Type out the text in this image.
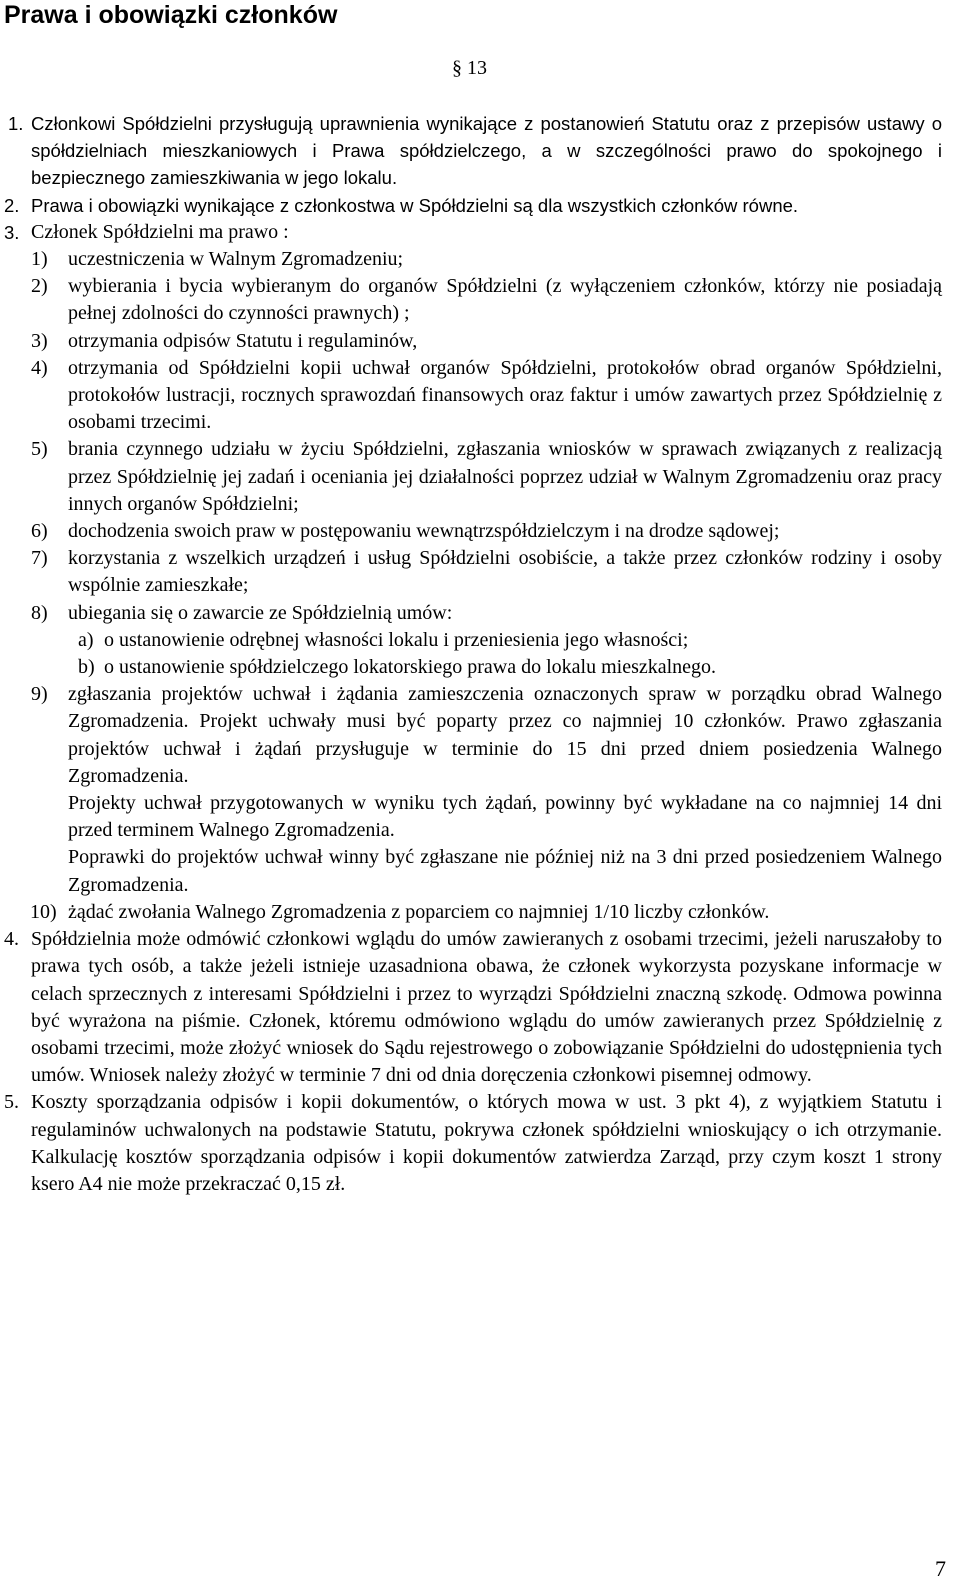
Prawa i obowiązki członków
§ 13
1. Członkowi Spółdzielni przysługują uprawnienia wynikające z postanowień Statutu oraz z przepisów ustawy o spółdzielniach mieszkaniowych i Prawa spółdzielczego, a w szczególności prawo do spokojnego i bezpiecznego zamieszkiwania w jego lokalu.
2. Prawa i obowiązki wynikające z członkostwa w Spółdzielni są dla wszystkich członków równe.
3. Członek Spółdzielni ma prawo :
1) uczestniczenia w Walnym Zgromadzeniu;
2) wybierania i bycia wybieranym do organów Spółdzielni (z wyłączeniem członków, którzy nie posiadają pełnej zdolności do czynności prawnych) ;
3) otrzymania odpisów Statutu i regulaminów,
4) otrzymania od Spółdzielni kopii uchwał organów Spółdzielni, protokołów obrad organów Spółdzielni, protokołów lustracji, rocznych sprawozdań finansowych oraz faktur i umów zawartych przez Spółdzielnię z osobami trzecimi.
5) brania czynnego udziału w życiu Spółdzielni, zgłaszania wniosków w sprawach związanych z realizacją przez Spółdzielnię jej zadań i oceniania jej działalności poprzez udział w Walnym Zgromadzeniu oraz pracy innych organów Spółdzielni;
6) dochodzenia swoich praw w postępowaniu wewnątrzspółdzielczym i na drodze sądowej;
7) korzystania z wszelkich urządzeń i usług Spółdzielni osobiście, a także przez członków rodziny i osoby wspólnie zamieszkałe;
8) ubiegania się o zawarcie ze Spółdzielnią umów:
a) o ustanowienie odrębnej własności lokalu i przeniesienia jego własności;
b) o ustanowienie spółdzielczego lokatorskiego prawa do lokalu mieszkalnego.
9) zgłaszania projektów uchwał i żądania zamieszczenia oznaczonych spraw w porządku obrad Walnego Zgromadzenia. Projekt uchwały musi być poparty przez co najmniej 10 członków. Prawo zgłaszania projektów uchwał i żądań przysługuje w terminie do 15 dni przed dniem posiedzenia Walnego Zgromadzenia.
Projekty uchwał przygotowanych w wyniku tych żądań, powinny być wykładane na co najmniej 14 dni przed terminem Walnego Zgromadzenia.
Poprawki do projektów uchwał winny być zgłaszane nie później niż na 3 dni przed posiedzeniem Walnego Zgromadzenia.
10) żądać zwołania Walnego Zgromadzenia z poparciem co najmniej 1/10 liczby członków.
4. Spółdzielnia może odmówić członkowi wglądu do umów zawieranych z osobami trzecimi, jeżeli naruszałoby to prawa tych osób, a także jeżeli istnieje uzasadniona obawa, że członek wykorzysta pozyskane informacje w celach sprzecznych z interesami Spółdzielni i przez to wyrządzi Spółdzielni znaczną szkodę. Odmowa powinna być wyrażona na piśmie. Członek, któremu odmówiono wglądu do umów zawieranych przez Spółdzielnię z osobami trzecimi, może złożyć wniosek do Sądu rejestrowego o zobowiązanie Spółdzielni do udostępnienia tych umów. Wniosek należy złożyć w terminie 7 dni od dnia doręczenia członkowi pisemnej odmowy.
5. Koszty sporządzania odpisów i kopii dokumentów, o których mowa w ust. 3 pkt 4), z wyjątkiem Statutu i regulaminów uchwalonych na podstawie Statutu, pokrywa członek spółdzielni wnioskujący o ich otrzymanie. Kalkulację kosztów sporządzania odpisów i kopii dokumentów zatwierdza Zarząd, przy czym koszt 1 strony ksero A4 nie może przekraczać 0,15 zł.
7
